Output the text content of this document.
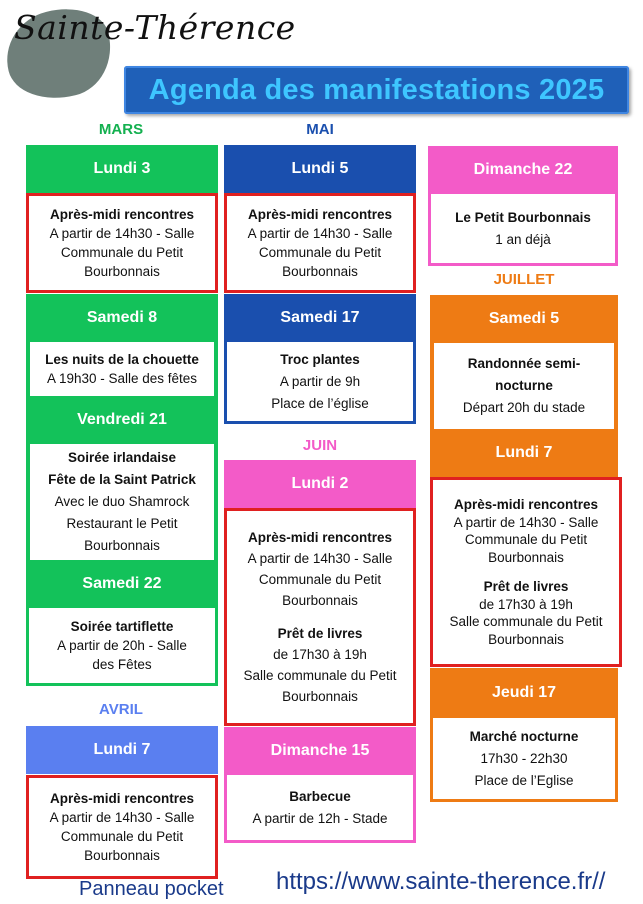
Sainte-Thérence
Agenda des manifestations 2025
MARS	MAI
JUIN
JUILLET
AVRIL
Lundi 3
Après-midi rencontres
A partir de 14h30 - Salle
Communale du Petit
Bourbonnais
Samedi 8
Les nuits de la chouette
A 19h30 - Salle des fêtes
Vendredi 21
Soirée irlandaise
Fête de la Saint Patrick
Avec le duo Shamrock
Restaurant le Petit
Bourbonnais
Samedi 22
Soirée tartiflette
A partir de 20h - Salle
des Fêtes
Lundi 7
Après-midi rencontres
A partir de 14h30 - Salle
Communale du Petit
Bourbonnais
Lundi 5
Après-midi rencontres
A partir de 14h30 - Salle
Communale du Petit
Bourbonnais
Samedi 17
Troc plantes
A partir de 9h
Place de l’église
Lundi 2
Après-midi rencontres
A partir de 14h30 - Salle
Communale du Petit
Bourbonnais
Prêt de livres
de 17h30 à 19h
Salle communale du Petit
Bourbonnais
Dimanche 15
Barbecue
A partir de 12h - Stade
Dimanche 22
Le Petit Bourbonnais
1 an déjà
Samedi 5
Randonnée semi-
nocturne
Départ 20h du stade
Lundi 7
Après-midi rencontres
A partir de 14h30 - Salle
Communale du Petit
Bourbonnais
Prêt de livres
de 17h30 à 19h
Salle communale du Petit
Bourbonnais
Jeudi 17
Marché nocturne
17h30 - 22h30
Place de l’Eglise
Panneau pocket https://www.sainte-therence.fr//
